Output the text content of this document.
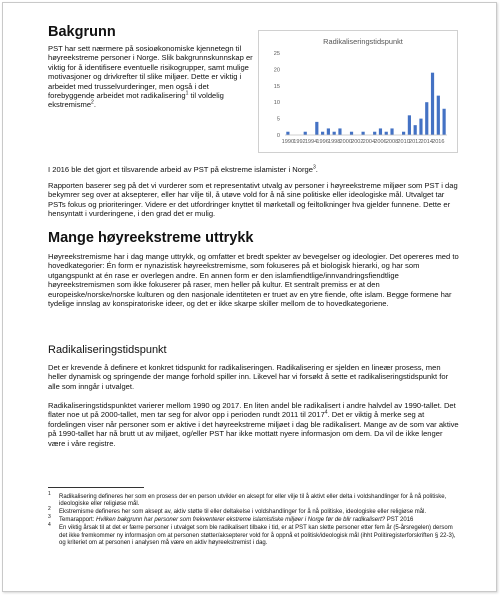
Bakgrunn

PST har sett nærmere på sosioøkonomiske kjennetegn til høyreekstreme personer i Norge. Slik bakgrunnskunnskap er viktig for å identifisere eventuelle risikogrupper, samt mulige motivasjoner og drivkrefter til slike miljøer. Dette er viktig i arbeidet med trusselvurderinger, men også i det forebyggende arbeidet mot radikalisering$^1$ til voldelig ekstremisme$^2$.

Radikaliseringstidspunkt
0
5
10
15
20
25
1990 1992 1994 1996 1998 2000 2002 2004 2006 2008 2010 2012 2014 2016

I 2016 ble det gjort et tilsvarende arbeid av PST på ekstreme islamister i Norge$^3$.

Rapporten baserer seg på det vi vurderer som et representativt utvalg av personer i høyreekstreme miljøer som PST i dag bekymrer seg over at aksepterer, eller har vilje til, å utøve vold for å nå sine politiske eller ideologiske mål. Utvalget tar PSTs fokus og prioriteringer. Videre er det utfordringer knyttet til mørketall og feiltolkninger hva gjelder funnene. Dette er hensyntatt i vurderingene, i den grad det er mulig.

Mange høyreekstreme uttrykk

Høyreekstremisme har i dag mange uttrykk, og omfatter et bredt spekter av bevegelser og ideologier. Det opereres med to hovedkategorier: Én form er nynazistisk høyreekstremisme, som fokuseres på et biologisk hierarki, og har som utgangspunkt at én rase er overlegen andre. En annen form er den islamfiendtlige/innvandringsfiendtlige høyreekstremismen som ikke fokuserer på raser, men heller på kultur. Et sentralt premiss er at den europeiske/norske/norske kulturen og den nasjonale identiteten er truet av en ytre fiende, ofte islam. Begge formene har tydelige innslag av konspiratoriske ideer, og det er ikke skarpe skiller mellom de to hovedkategoriene.

Radikaliseringstidspunkt

Det er krevende å definere et konkret tidspunkt for radikaliseringen. Radikalisering er sjelden en lineær prosess, men heller dynamisk og springende der mange forhold spiller inn. Likevel har vi forsøkt å sette et radikaliseringstidspunkt for alle som inngår i utvalget.

Radikaliseringstidspunktet varierer mellom 1990 og 2017. En liten andel ble radikalisert i andre halvdel av 1990-tallet. Det flater noe ut på 2000-tallet, men tar seg for alvor opp i perioden rundt 2011 til 2017$^4$. Det er viktig å merke seg at fordelingen viser når personer som er aktive i det høyreekstreme miljøet i dag ble radikalisert. Mange av de som var aktive på 1990-tallet har nå brutt ut av miljøet, og/eller PST har ikke mottatt nyere informasjon om dem. Da vil de ikke lenger være i våre registre.

$^1$	Radikalisering defineres her som en prosess der en person utvikler en aksept for eller vilje til å aktivt eller delta i voldshandlinger for å nå politiske, ideologiske eller religiøse mål.
$^2$	Ekstremisme defineres her som aksept av, aktiv støtte til eller deltakelse i voldshandlinger for å nå politiske, ideologiske eller religiøse mål.
$^3$	Temarapport: Hvilken bakgrunn har personer som frekventerer ekstreme islamistiske miljøer i Norge før de blir radikalisert? PST 2016
$^4$	En viktig årsak til at det er færre personer i utvalget som ble radikalisert tilbake i tid, er at PST kan slette personer etter fem år (5-årsregelen) dersom det ikke fremkommer ny informasjon om at personen støtter/aksepterer vold for å oppnå et politisk/ideologisk mål (ihht Politiregisterforskriften § 22-3), og kriteriet om at personen i analysen må være en aktiv høyreekstremist i dag.
